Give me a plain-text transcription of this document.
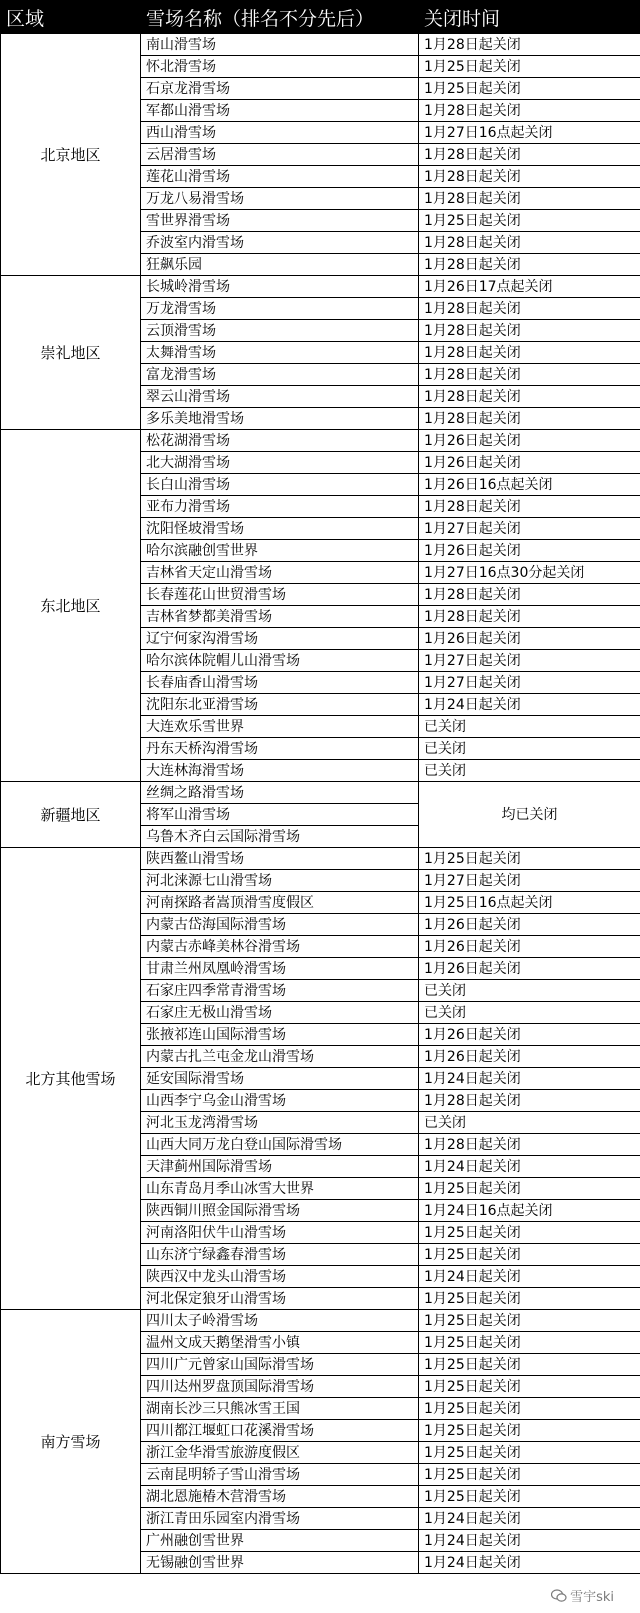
区域	雪场名称（排名不分先后）	关闭时间
北京地区	南山滑雪场	1月28日起关闭
	怀北滑雪场	1月25日起关闭
	石京龙滑雪场	1月25日起关闭
	军都山滑雪场	1月28日起关闭
	西山滑雪场	1月27日16点起关闭
	云居滑雪场	1月28日起关闭
	莲花山滑雪场	1月28日起关闭
	万龙八易滑雪场	1月28日起关闭
	雪世界滑雪场	1月25日起关闭
	乔波室内滑雪场	1月28日起关闭
	狂飙乐园	1月28日起关闭
崇礼地区	长城岭滑雪场	1月26日17点起关闭
	万龙滑雪场	1月28日起关闭
	云顶滑雪场	1月28日起关闭
	太舞滑雪场	1月28日起关闭
	富龙滑雪场	1月28日起关闭
	翠云山滑雪场	1月28日起关闭
	多乐美地滑雪场	1月28日起关闭
东北地区	松花湖滑雪场	1月26日起关闭
	北大湖滑雪场	1月26日起关闭
	长白山滑雪场	1月26日16点起关闭
	亚布力滑雪场	1月28日起关闭
	沈阳怪坡滑雪场	1月27日起关闭
	哈尔滨融创雪世界	1月26日起关闭
	吉林省天定山滑雪场	1月27日16点30分起关闭
	长春莲花山世贸滑雪场	1月28日起关闭
	吉林省梦都美滑雪场	1月28日起关闭
	辽宁何家沟滑雪场	1月26日起关闭
	哈尔滨体院帽儿山滑雪场	1月27日起关闭
	长春庙香山滑雪场	1月27日起关闭
	沈阳东北亚滑雪场	1月24日起关闭
	大连欢乐雪世界	已关闭
	丹东天桥沟滑雪场	已关闭
	大连林海滑雪场	已关闭
新疆地区	丝绸之路滑雪场	均已关闭
	将军山滑雪场	
	乌鲁木齐白云国际滑雪场	
北方其他雪场	陕西鳌山滑雪场	1月25日起关闭
	河北涞源七山滑雪场	1月27日起关闭
	河南探路者嵩顶滑雪度假区	1月25日16点起关闭
	内蒙古岱海国际滑雪场	1月26日起关闭
	内蒙古赤峰美林谷滑雪场	1月26日起关闭
	甘肃兰州凤凰岭滑雪场	1月26日起关闭
	石家庄四季常青滑雪场	已关闭
	石家庄无极山滑雪场	已关闭
	张掖祁连山国际滑雪场	1月26日起关闭
	内蒙古扎兰屯金龙山滑雪场	1月26日起关闭
	延安国际滑雪场	1月24日起关闭
	山西李宁乌金山滑雪场	1月28日起关闭
	河北玉龙湾滑雪场	已关闭
	山西大同万龙白登山国际滑雪场	1月28日起关闭
	天津蓟州国际滑雪场	1月24日起关闭
	山东青岛月季山冰雪大世界	1月25日起关闭
	陕西铜川照金国际滑雪场	1月24日16点起关闭
	河南洛阳伏牛山滑雪场	1月25日起关闭
	山东济宁绿鑫春滑雪场	1月25日起关闭
	陕西汉中龙头山滑雪场	1月24日起关闭
	河北保定狼牙山滑雪场	1月25日起关闭
南方雪场	四川太子岭滑雪场	1月25日起关闭
	温州文成天鹅堡滑雪小镇	1月25日起关闭
	四川广元曾家山国际滑雪场	1月25日起关闭
	四川达州罗盘顶国际滑雪场	1月25日起关闭
	湖南长沙三只熊冰雪王国	1月25日起关闭
	四川都江堰虹口花溪滑雪场	1月25日起关闭
	浙江金华滑雪旅游度假区	1月25日起关闭
	云南昆明轿子雪山滑雪场	1月25日起关闭
	湖北恩施椿木营滑雪场	1月25日起关闭
	浙江青田乐园室内滑雪场	1月24日起关闭
	广州融创雪世界	1月24日起关闭
	无锡融创雪世界	1月24日起关闭
雪宇ski
